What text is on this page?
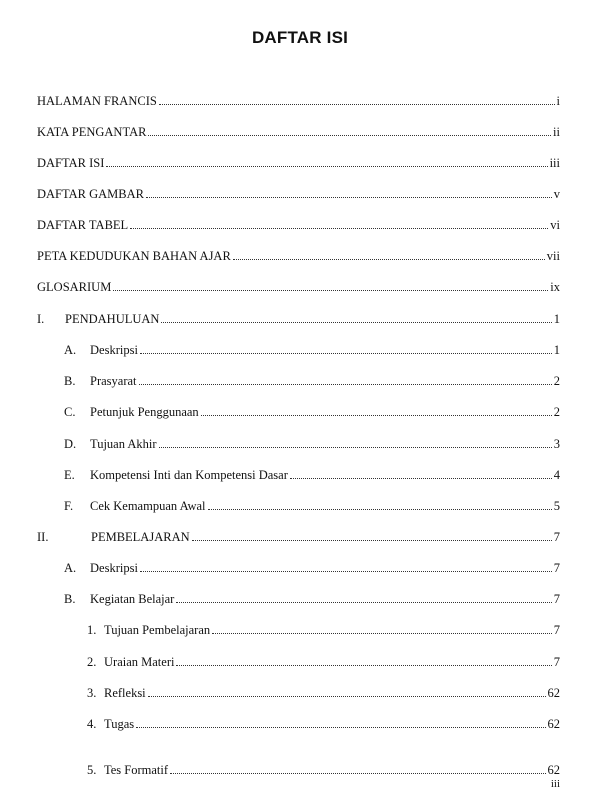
DAFTAR ISI
HALAMAN FRANCIS	i
KATA PENGANTAR	ii
DAFTAR ISI	iii
DAFTAR GAMBAR	v
DAFTAR TABEL	vi
PETA KEDUDUKAN BAHAN AJAR	vii
GLOSARIUM	ix
I. PENDAHULUAN	1
A. Deskripsi	1
B. Prasyarat	2
C. Petunjuk Penggunaan	2
D. Tujuan Akhir	3
E. Kompetensi Inti dan Kompetensi Dasar	4
F. Cek Kemampuan Awal	5
II.	PEMBELAJARAN	7
A. Deskripsi	7
B. Kegiatan Belajar	7
1. Tujuan Pembelajaran	7
2. Uraian Materi	7
3. Refleksi	62
4. Tugas	62
5. Tes Formatif	62
iii
